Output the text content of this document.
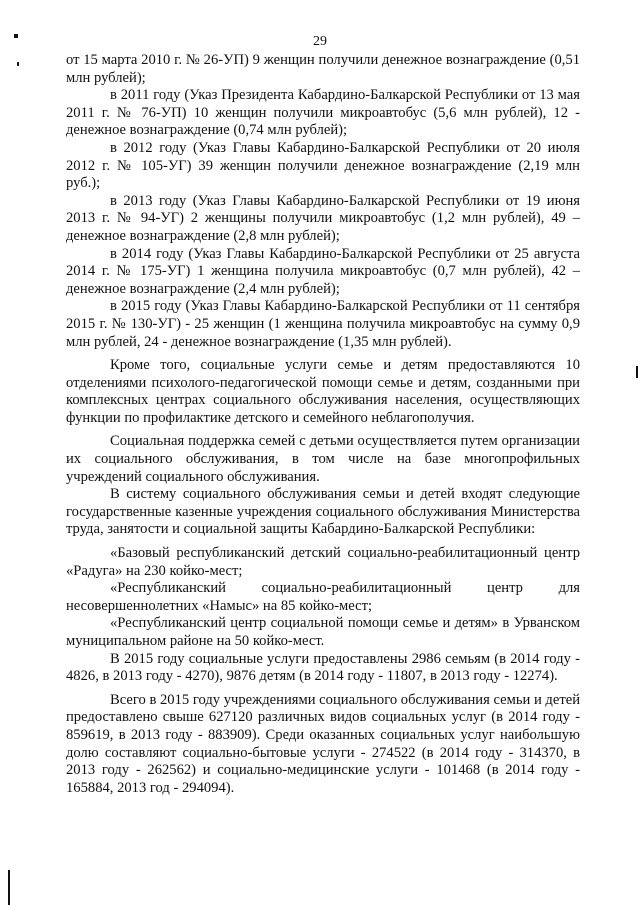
29

от 15 марта 2010 г. № 26-УП) 9 женщин получили денежное вознаграждение (0,51 млн рублей);

в 2011 году (Указ Президента Кабардино-Балкарской Республики от 13 мая 2011 г. № 76-УП) 10 женщин получили микроавтобус (5,6 млн рублей), 12 - денежное вознаграждение (0,74 млн рублей);

в 2012 году (Указ Главы Кабардино-Балкарской Республики от 20 июля 2012 г. № 105-УГ) 39 женщин получили денежное вознаграждение (2,19 млн руб.);

в 2013 году (Указ Главы Кабардино-Балкарской Республики от 19 июня 2013 г. № 94-УГ) 2 женщины получили микроавтобус (1,2 млн рублей), 49 – денежное вознаграждение (2,8 млн рублей);

в 2014 году (Указ Главы Кабардино-Балкарской Республики от 25 августа 2014 г. № 175-УГ) 1 женщина получила микроавтобус (0,7 млн рублей), 42 – денежное вознаграждение (2,4 млн рублей);

в 2015 году (Указ Главы Кабардино-Балкарской Республики от 11 сентября 2015 г. № 130-УГ) - 25 женщин (1 женщина получила микроавтобус на сумму 0,9 млн рублей, 24 - денежное вознаграждение (1,35 млн рублей).

Кроме того, социальные услуги семье и детям предоставляются 10 отделениями психолого-педагогической помощи семье и детям, созданными при комплексных центрах социального обслуживания населения, осуществляющих функции по профилактике детского и семейного неблагополучия.

Социальная поддержка семей с детьми осуществляется путем организации их социального обслуживания, в том числе на базе многопрофильных учреждений социального обслуживания.

В систему социального обслуживания семьи и детей входят следующие государственные казенные учреждения социального обслуживания Министерства труда, занятости и социальной защиты Кабардино-Балкарской Республики:

«Базовый республиканский детский социально-реабилитационный центр «Радуга» на 230 койко-мест;

«Республиканский социально-реабилитационный центр для несовершеннолетних «Намыс» на 85 койко-мест;

«Республиканский центр социальной помощи семье и детям» в Урванском муниципальном районе на 50 койко-мест.

В 2015 году социальные услуги предоставлены 2986 семьям (в 2014 году - 4826, в 2013 году - 4270), 9876 детям (в 2014 году - 11807, в 2013 году - 12274).

Всего в 2015 году учреждениями социального обслуживания семьи и детей предоставлено свыше 627120 различных видов социальных услуг (в 2014 году - 859619, в 2013 году - 883909). Среди оказанных социальных услуг наибольшую долю составляют социально-бытовые услуги - 274522 (в 2014 году - 314370, в 2013 году - 262562) и социально-медицинские услуги - 101468 (в 2014 году - 165884, 2013 год - 294094).
